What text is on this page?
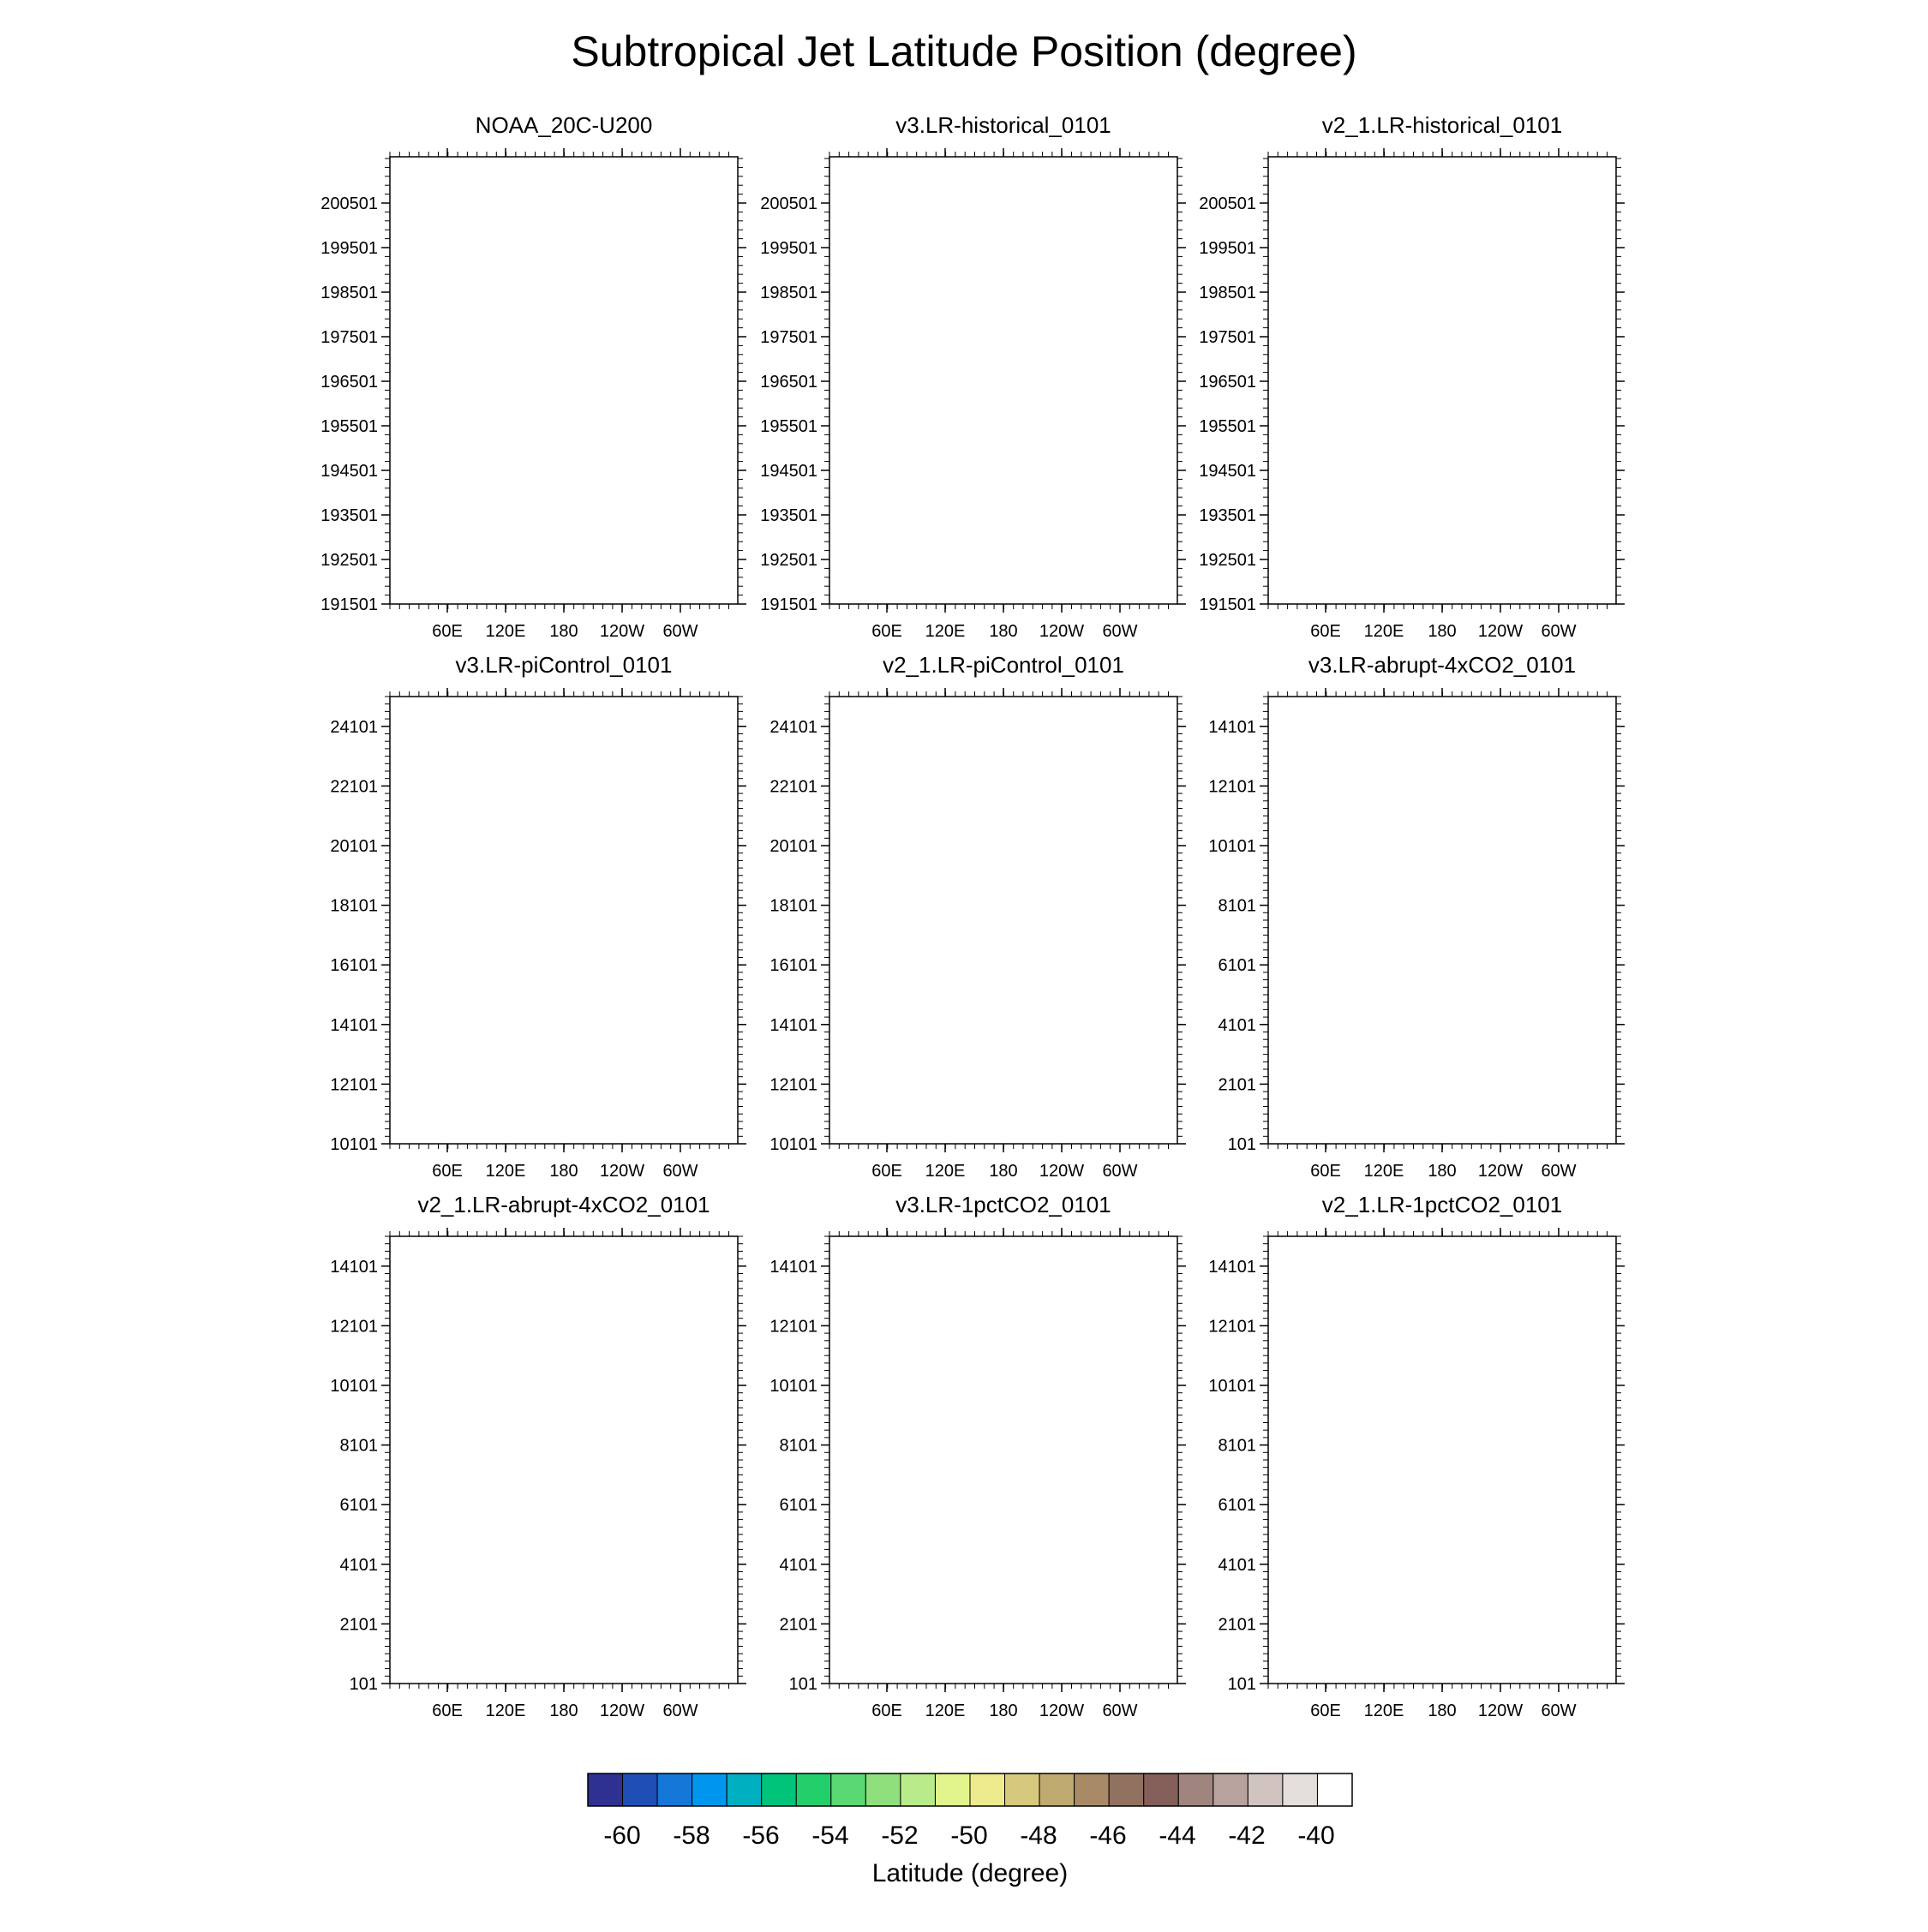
Subtropical Jet Latitude Position (degree)
NOAA_20C-U200
60E 120E 180 120W 60W
191501
192501
193501
194501
195501
196501
197501
198501
199501
200501
v3.LR-historical_0101
60E 120E 180 120W 60W
191501
192501
193501
194501
195501
196501
197501
198501
199501
200501
v2_1.LR-historical_0101
60E 120E 180 120W 60W
191501
192501
193501
194501
195501
196501
197501
198501
199501
200501
v3.LR-piControl_0101
60E 120E 180 120W 60W
10101
12101
14101
16101
18101
20101
22101
24101
v2_1.LR-piControl_0101
60E 120E 180 120W 60W
10101
12101
14101
16101
18101
20101
22101
24101
v3.LR-abrupt-4xCO2_0101
60E 120E 180 120W 60W
101
2101
4101
6101
8101
10101
12101
14101
v2_1.LR-abrupt-4xCO2_0101
60E 120E 180 120W 60W
101
2101
4101
6101
8101
10101
12101
14101
v3.LR-1pctCO2_0101
60E 120E 180 120W 60W
101
2101
4101
6101
8101
10101
12101
14101
v2_1.LR-1pctCO2_0101
60E 120E 180 120W 60W
101
2101
4101
6101
8101
10101
12101
14101
-60 -58 -56 -54 -52 -50 -48 -46 -44 -42 -40
Latitude (degree)
